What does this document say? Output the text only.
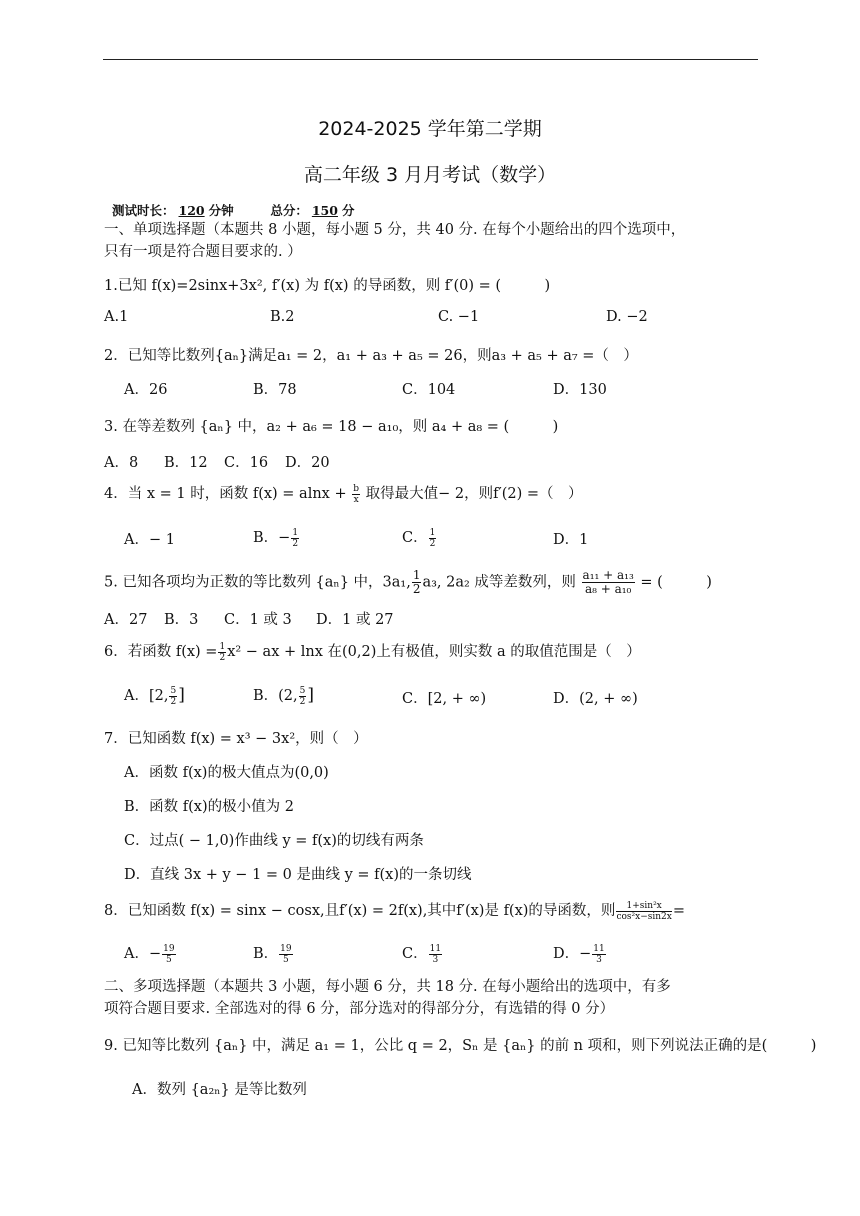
2024-2025 学年第二学期
高二年级 3 月月考试（数学）
测试时长： 120 分钟	总分： 150 分
一、单项选择题（本题共 8 小题，每小题 5 分，共 40 分. 在每个小题给出的四个选项中，
只有一项是符合题目要求的. ）
1.已知 f(x)=2sinx+3x², f′(x) 为 f(x) 的导函数，则 f′(0) = (　　　)
A.1	B.2	C. −1	D. −2
2．已知等比数列{aₙ}满足a₁ = 2，a₁ + a₃ + a₅ = 26，则a₃ + a₅ + a₇ =（　）
A．26	B．78	C．104	D．130
3. 在等差数列 {aₙ} 中，a₂ + a₆ = 18 − a₁₀，则 a₄ + a₈ = (　　　)
A．8 B．12 C．16 D．20
4．当 x = 1 时，函数 $f(x) = alnx + \frac{b}{x}$ 取得最大值− 2，则f′(2) =（　）
A．− 1	B．− $\frac{1}{2}$	C． $\frac{1}{2}$	D．1
5. 已知各项均为正数的等比数列 {aₙ} 中，3a₁, $\frac{1}{2} a_3$, 2a₂ 成等差数列，则 $\frac{\text{a₁₁ + a₁₃}}{\text{a₈ + a₁₀}}$ = (　　　)
A．27 B．3 C．1 或 3 D．1 或 27
6．若函数 $f(x) = \frac{1}{2} x^2$ − ax + lnx 在(0,2)上有极值，则实数 a 的取值范围是（　）
A．[2, $\frac{5}{2}$ ]	B．(2, $\frac{5}{2}$ ]	C．[2, + ∞)	D．(2, + ∞)
7．已知函数 f(x) = x³ − 3x²，则（　）
A．函数 f(x)的极大值点为(0,0)
B．函数 f(x)的极小值为 2
C．过点( − 1,0)作曲线 y = f(x)的切线有两条
D．直线 3x + y − 1 = 0 是曲线 y = f(x)的一条切线
8．已知函数 f(x) = sinx − cosx,且f′(x) = 2f(x),其中f′(x)是 f(x)的导函数，则 $\frac{\text{1+sin²x}}{\text{cos²x−sin2x}}$ =
A．− $\frac{19}{5}$	B． $\frac{19}{5}$	C． $\frac{11}{3}$	D．− $\frac{11}{3}$
二、多项选择题（本题共 3 小题，每小题 6 分，共 18 分. 在每小题给出的选项中，有多
项符合题目要求. 全部选对的得 6 分，部分选对的得部分分，有选错的得 0 分）
9. 已知等比数列 {aₙ} 中，满足 a₁ = 1，公比 q = 2，Sₙ 是 {aₙ} 的前 n 项和，则下列说法正确的是(　　　)
A．数列 {a₂ₙ} 是等比数列
